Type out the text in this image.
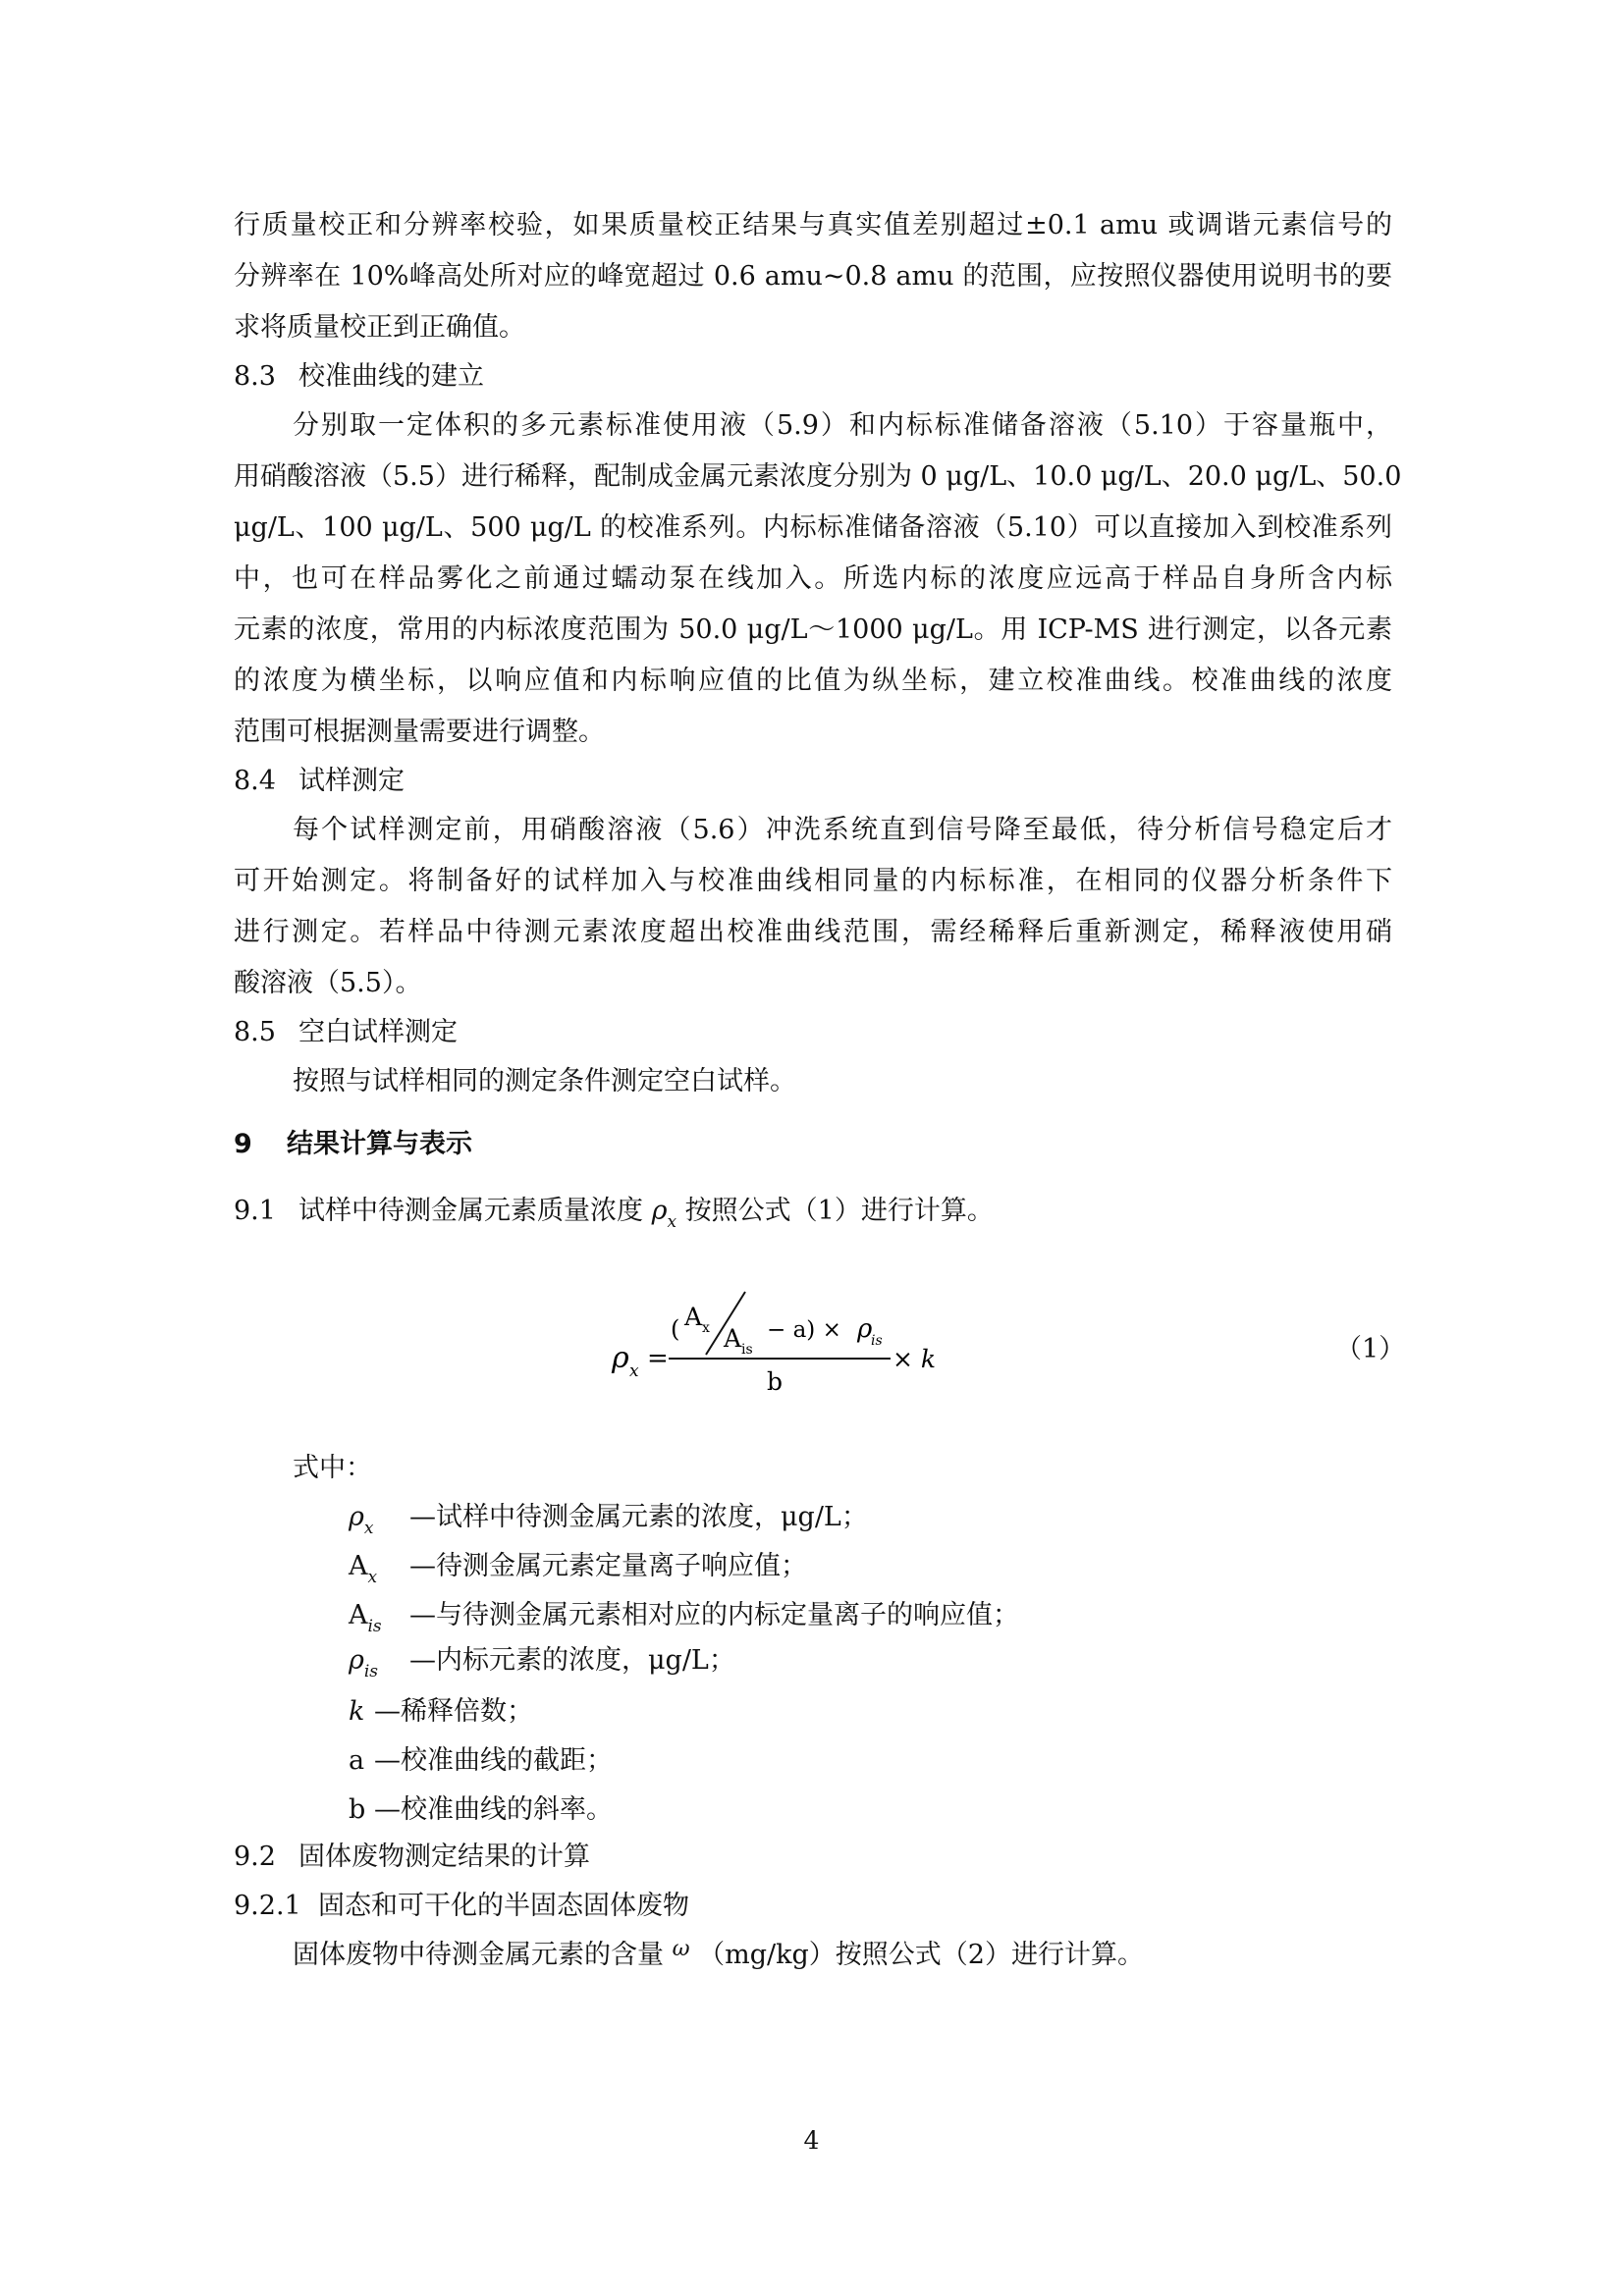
行质量校正和分辨率校验，如果质量校正结果与真实值差别超过±0.1 amu 或调谐元素信号的
分辨率在 10%峰高处所对应的峰宽超过 0.6 amu~0.8 amu 的范围，应按照仪器使用说明书的要
求将质量校正到正确值。
8.3 校准曲线的建立
分别取一定体积的多元素标准使用液（5.9）和内标标准储备溶液（5.10）于容量瓶中，
用硝酸溶液（5.5）进行稀释，配制成金属元素浓度分别为 0 μg/L、10.0 μg/L、20.0 μg/L、50.0
μg/L、100 μg/L、500 μg/L 的校准系列。内标标准储备溶液（5.10）可以直接加入到校准系列
中，也可在样品雾化之前通过蠕动泵在线加入。所选内标的浓度应远高于样品自身所含内标
元素的浓度，常用的内标浓度范围为 50.0 μg/L～1000 μg/L。用 ICP-MS 进行测定，以各元素
的浓度为横坐标，以响应值和内标响应值的比值为纵坐标，建立校准曲线。校准曲线的浓度
范围可根据测量需要进行调整。
8.4 试样测定
每个试样测定前，用硝酸溶液（5.6）冲洗系统直到信号降至最低，待分析信号稳定后才
可开始测定。将制备好的试样加入与校准曲线相同量的内标标准，在相同的仪器分析条件下
进行测定。若样品中待测元素浓度超出校准曲线范围，需经稀释后重新测定，稀释液使用硝
酸溶液（5.5）。
8.5 空白试样测定
按照与试样相同的测定条件测定空白试样。
9 结果计算与表示
9.1 试样中待测金属元素质量浓度 $\rho_x$ 按照公式（1）进行计算。
ρ x =
( A x A is
− a) × ρ
is
b
× k	（1）
式中：
$\rho_x$ —试样中待测金属元素的浓度，μg/L；
$A_x$ —待测金属元素定量离子响应值；
$A_{is}$ —与待测金属元素相对应的内标定量离子的响应值；
$\rho_{is}$ —内标元素的浓度，μg/L；
k —稀释倍数；
a —校准曲线的截距；
b —校准曲线的斜率。
9.2 固体废物测定结果的计算
9.2.1 固态和可干化的半固态固体废物
固体废物中待测金属元素的含量 $^\omega$ （mg/kg）按照公式（2）进行计算。
4
